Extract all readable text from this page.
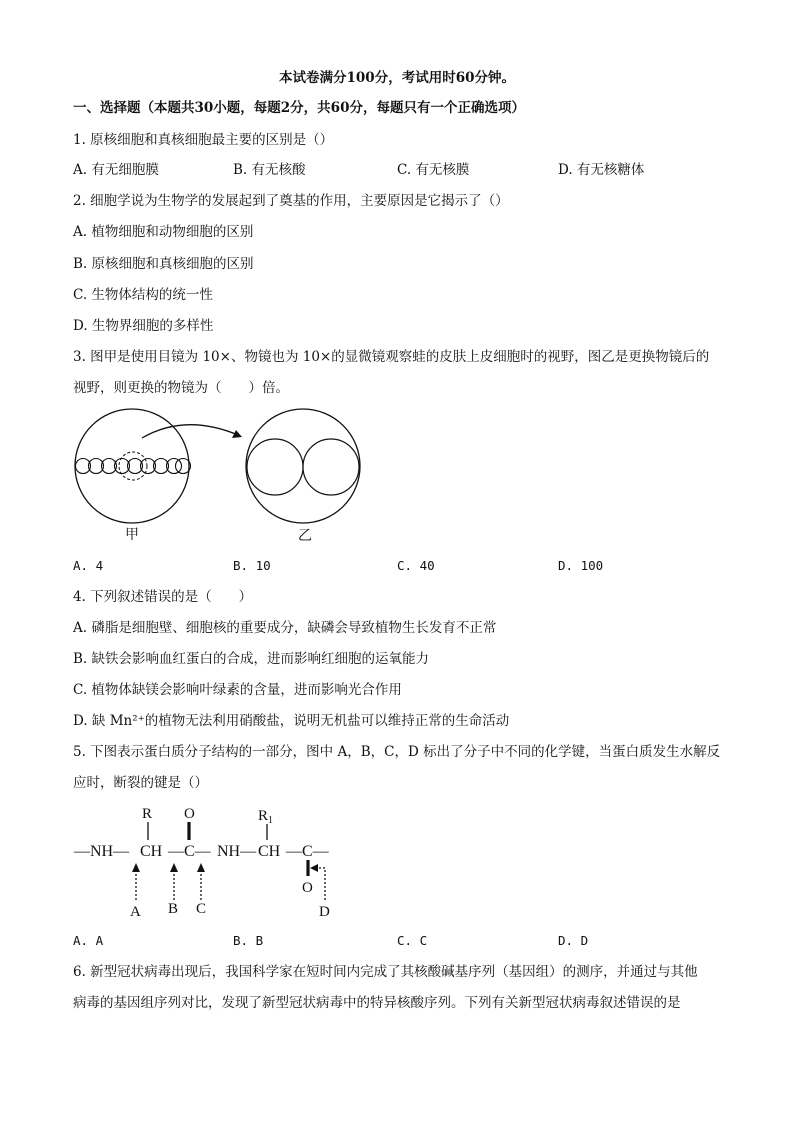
本试卷满分100分，考试用时60分钟。
一、选择题（本题共30小题，每题2分，共60分，每题只有一个正确选项）
1. 原核细胞和真核细胞最主要的区别是（）
A. 有无细胞膜	B. 有无核酸	C. 有无核膜	D. 有无核糖体
2. 细胞学说为生物学的发展起到了奠基的作用，主要原因是它揭示了（）
A. 植物细胞和动物细胞的区别
B. 原核细胞和真核细胞的区别
C. 生物体结构的统一性
D. 生物界细胞的多样性
3. 图甲是使用目镜为 10×、物镜也为 10×的显微镜观察蛙的皮肤上皮细胞时的视野，图乙是更换物镜后的
视野，则更换的物镜为（　　）倍。
甲	乙
A. 4	B. 10	C. 40	D. 100
4. 下列叙述错误的是（　　）
A. 磷脂是细胞壁、细胞核的重要成分，缺磷会导致植物生长发育不正常
B. 缺铁会影响血红蛋白的合成，进而影响红细胞的运氧能力
C. 植物体缺镁会影响叶绿素的含量，进而影响光合作用
D. 缺 Mn²⁺的植物无法利用硝酸盐，说明无机盐可以维持正常的生命活动
5. 下图表示蛋白质分子结构的一部分，图中 A，B，C，D 标出了分子中不同的化学键，当蛋白质发生水解反
应时，断裂的键是（）
—NH— CH —C— NH— CH —C—
R	$R_1$
O
O
A B C	D
A. A	B. B	C. C	D. D
6. 新型冠状病毒出现后，我国科学家在短时间内完成了其核酸碱基序列（基因组）的测序，并通过与其他
病毒的基因组序列对比，发现了新型冠状病毒中的特异核酸序列。下列有关新型冠状病毒叙述错误的是
